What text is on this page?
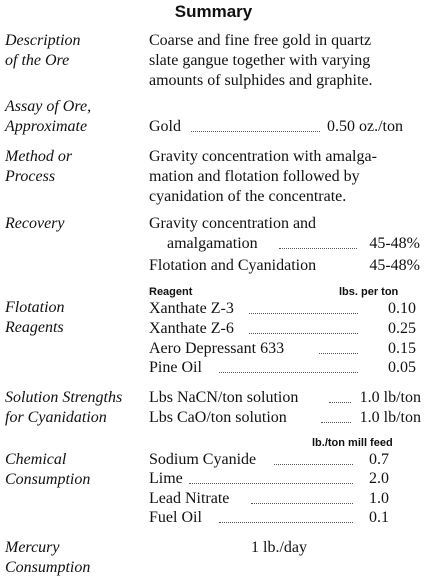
Summary
Description
of the Ore
Coarse and fine free gold in quartz
slate gangue together with varying
amounts of sulphides and graphite.
Assay of Ore,
Approximate	Gold	0.50 oz./ton
Method or
Process
Gravity concentration with amalga-
mation and flotation followed by
cyanidation of the concentrate.
Recovery	Gravity concentration and
amalgamation	45-48%
Flotation and Cyanidation	45-48%
Flotation
Reagents
Reagent	lbs. per ton
Xanthate Z-3	0.10
Xanthate Z-6	0.25
Aero Depressant 633	0.15
Pine Oil	0.05
Solution Strengths
for Cyanidation
Lbs NaCN/ton solution	1.0 lb/ton
Lbs CaO/ton solution	1.0 lb/ton
Chemical
Consumption
lb./ton mill feed
Sodium Cyanide	0.7
Lime	2.0
Lead Nitrate	1.0
Fuel Oil	0.1
Mercury
Consumption
1 lb./day
